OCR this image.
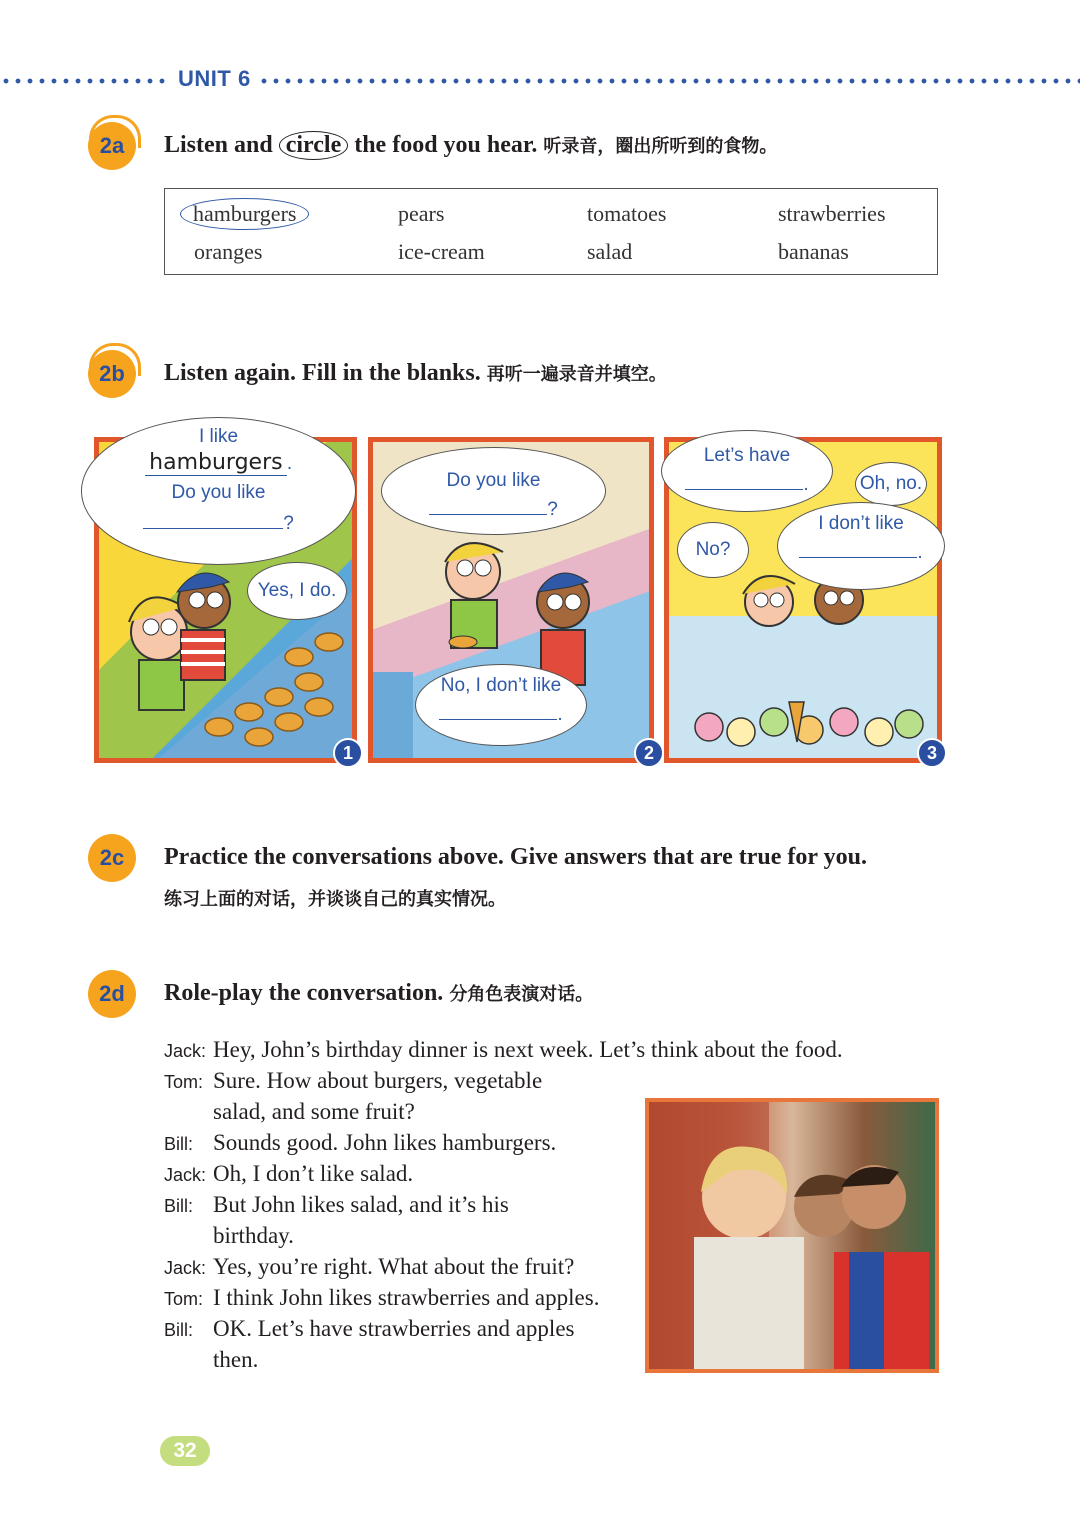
UNIT 6
2a	Listen and circle the food you hear. 听录音，圈出所听到的食物。
hamburgers	pears	tomatoes	strawberries
oranges	ice-cream	salad	bananas
2b	Listen again. Fill in the blanks. 再听一遍录音并填空。
I like
hamburgers .
Do you like
?
Yes, I do.
1
Do you like
?
No, I don’t like
.
2
Let’s have
.	Oh, no.
No?
I don’t like
.
3
2c	Practice the conversations above. Give answers that are true for you.
练习上面的对话，并谈谈自己的真实情况。
2d	Role-play the conversation. 分角色表演对话。
Jack: Hey, John’s birthday dinner is next week. Let’s think about the food.
Tom: Sure. How about burgers, vegetable
salad, and some fruit?
Bill: Sounds good. John likes hamburgers.
Jack: Oh, I don’t like salad.
Bill: But John likes salad, and it’s his
birthday.
Jack: Yes, you’re right. What about the fruit?
Tom: I think John likes strawberries and apples.
Bill: OK. Let’s have strawberries and apples
then.
32
